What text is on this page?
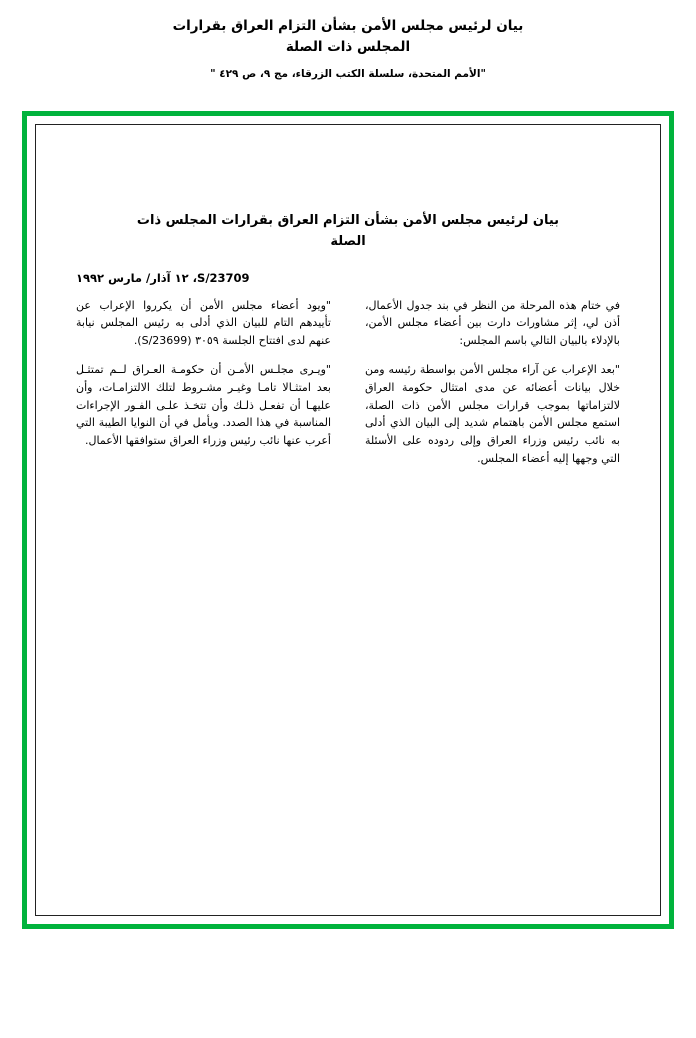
بيان لرئيس مجلس الأمن بشأن التزام العراق بقرارات
المجلس ذات الصلة
"الأمم المتحدة، سلسلة الكتب الزرقاء، مج ٩، ص ٤٢٩ "
بيان لرئيس مجلس الأمن بشأن التزام العراق بقرارات المجلس ذات الصلة
S/23709، ١٢ آذار/ مارس ١٩٩٢

في ختام هذه المرحلة من النظر في بند جدول الأعمال، أذن لي، إثر مشاورات دارت بين أعضاء مجلس الأمن، بالإدلاء بالبيان التالي باسم المجلس:

"بعد الإعراب عن آراء مجلس الأمن بواسطة رئيسه ومن خلال بيانات أعضائه عن مدى امتثال حكومة العراق لالتزاماتها بموجب قرارات مجلس الأمن ذات الصلة، استمع مجلس الأمن باهتمام شديد إلى البيان الذي أدلى به نائب رئيس وزراء العراق وإلى ردوده على الأسئلة التي وجهها إليه أعضاء المجلس.

"ويود أعضاء مجلس الأمن أن يكرروا الإعراب عن تأييدهم التام للبيان الذي أدلى به رئيس المجلس نيابة عنهم لدى افتتاح الجلسة ٣٠٥٩ (S/23699).

"ويـرى مجلـس الأمـن أن حكومـة العـراق لــم تمتثـل بعد امتثـالا تامـا وغيـر مشـروط لتلك الالتزامـات، وأن عليهـا أن تفعـل ذلـك وأن تتخـذ علـى الفـور الإجراءات المناسبة في هذا الصدد. ويأمل في أن النوايا الطيبة التي أعرب عنها نائب رئيس وزراء العراق ستوافقها الأعمال.
